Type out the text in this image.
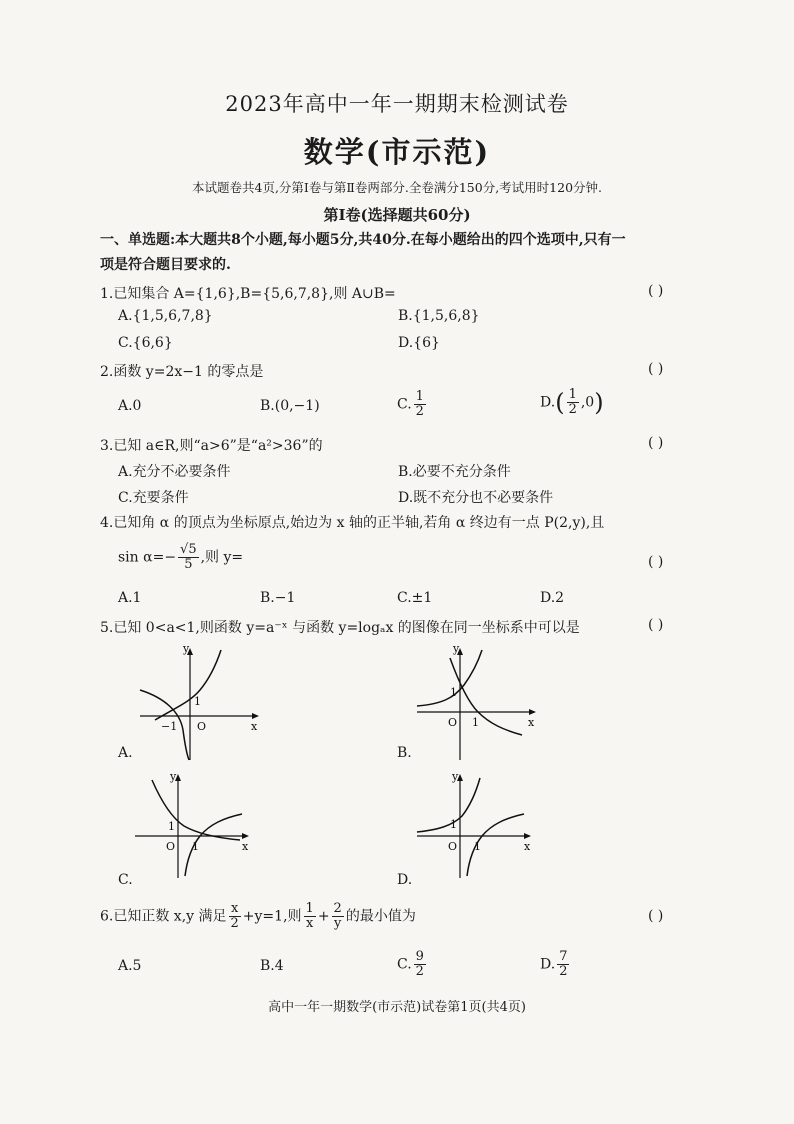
2023年高中一年一期期末检测试卷
数学(市示范)
本试题卷共4页,分第Ⅰ卷与第Ⅱ卷两部分.全卷满分150分,考试用时120分钟.
第Ⅰ卷(选择题共60分)
一、单选题:本大题共8个小题,每小题5分,共40分.在每小题给出的四个选项中,只有一
项是符合题目要求的.
1.已知集合 A={1,6},B={5,6,7,8},则 A∪B=	( )
A.{1,5,6,7,8}	B.{1,5,6,8}
C.{6,6}	D.{6}
2.函数 y=2x−1 的零点是	( )
A.0	B.(0,−1)	C. $\frac{1}{2}$	$D.( \frac{1}{2} ,0)$
3.已知 a∈R,则“a>6”是“a²>36”的	( )
A.充分不必要条件	B.必要不充分条件
C.充要条件	D.既不充分也不必要条件
4.已知角 α 的顶点为坐标原点,始边为 x 轴的正半轴,若角 α 终边有一点 P(2,y),且
$\sin \alpha=- \frac{√5}{5}$ ,则 y=	( )
A.1	B.−1	C.±1	D.2
5.已知 0<a<1,则函数 y=a⁻ˣ 与函数 y=logₐx 的图像在同一坐标系中可以是	( )
y
x
O
1
−1
A.
y
x
O
1
1
B.
y
x
O
1
1
C.
y
x
O
1
1
D.
6.已知正数 x,y 满足 $\frac{x}{2} +y=1$,则 $\frac{1}{x} + \frac{2}{y}$ 的最小值为	( )
A.5	B.4	C. $\frac{9}{2}$	D. $\frac{7}{2}$
高中一年一期数学(市示范)试卷第1页(共4页)
